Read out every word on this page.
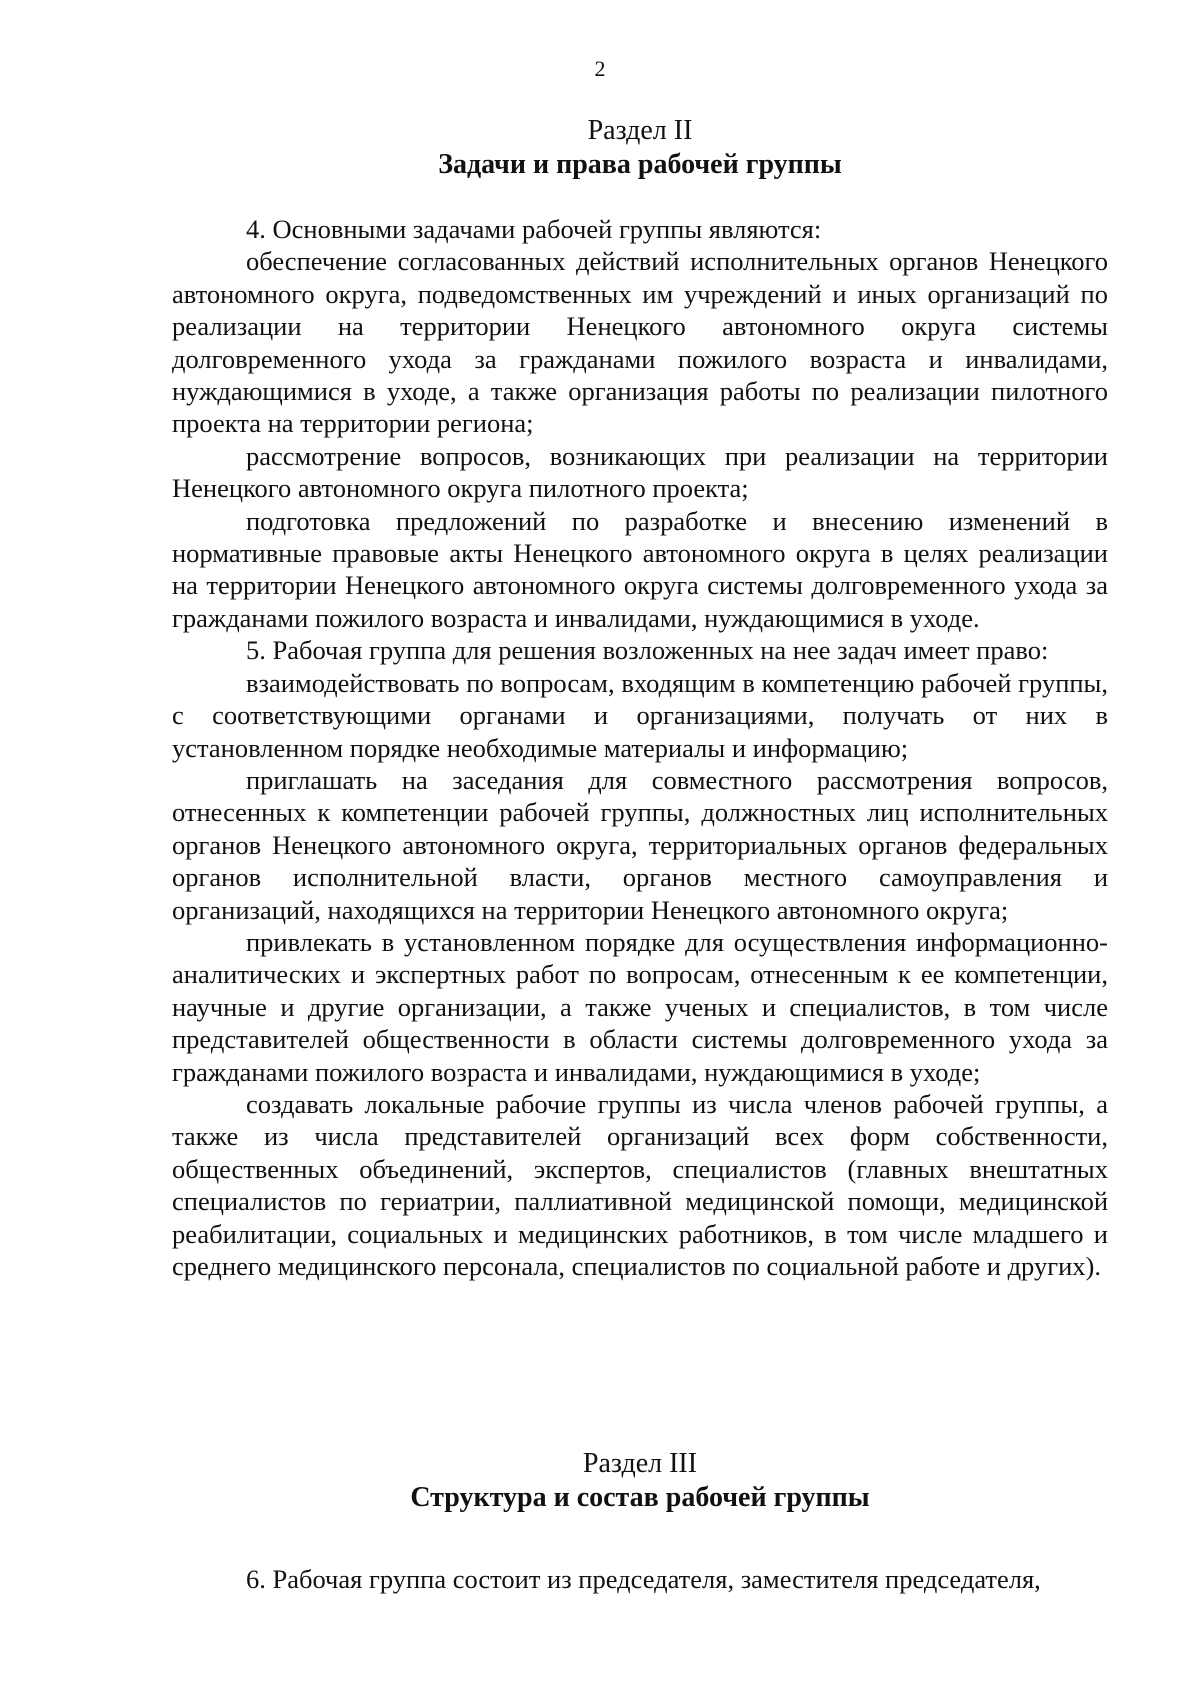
2
Раздел II
Задачи и права рабочей группы

4. Основными задачами рабочей группы являются:

обеспечение согласованных действий исполнительных органов Ненецкого автономного округа, подведомственных им учреждений и иных организаций по реализации на территории Ненецкого автономного округа системы долговременного ухода за гражданами пожилого возраста и инвалидами, нуждающимися в уходе, а также организация работы по реализации пилотного проекта на территории региона;

рассмотрение вопросов, возникающих при реализации на территории Ненецкого автономного округа пилотного проекта;

подготовка предложений по разработке и внесению изменений в нормативные правовые акты Ненецкого автономного округа в целях реализации на территории Ненецкого автономного округа системы долговременного ухода за гражданами пожилого возраста и инвалидами, нуждающимися в уходе.

5. Рабочая группа для решения возложенных на нее задач имеет право:

взаимодействовать по вопросам, входящим в компетенцию рабочей группы, с соответствующими органами и организациями, получать от них в установленном порядке необходимые материалы и информацию;

приглашать на заседания для совместного рассмотрения вопросов, отнесенных к компетенции рабочей группы, должностных лиц исполнительных органов Ненецкого автономного округа, территориальных органов федеральных органов исполнительной власти, органов местного самоуправления и организаций, находящихся на территории Ненецкого автономного округа;

привлекать в установленном порядке для осуществления информационно-аналитических и экспертных работ по вопросам, отнесенным к ее компетенции, научные и другие организации, а также ученых и специалистов, в том числе представителей общественности в области системы долговременного ухода за гражданами пожилого возраста и инвалидами, нуждающимися в уходе;

создавать локальные рабочие группы из числа членов рабочей группы, а также из числа представителей организаций всех форм собственности, общественных объединений, экспертов, специалистов (главных внештатных специалистов по гериатрии, паллиативной медицинской помощи, медицинской реабилитации, социальных и медицинских работников, в том числе младшего и среднего медицинского персонала, специалистов по социальной работе и других).

Раздел III
Структура и состав рабочей группы

6. Рабочая группа состоит из председателя, заместителя председателя,
